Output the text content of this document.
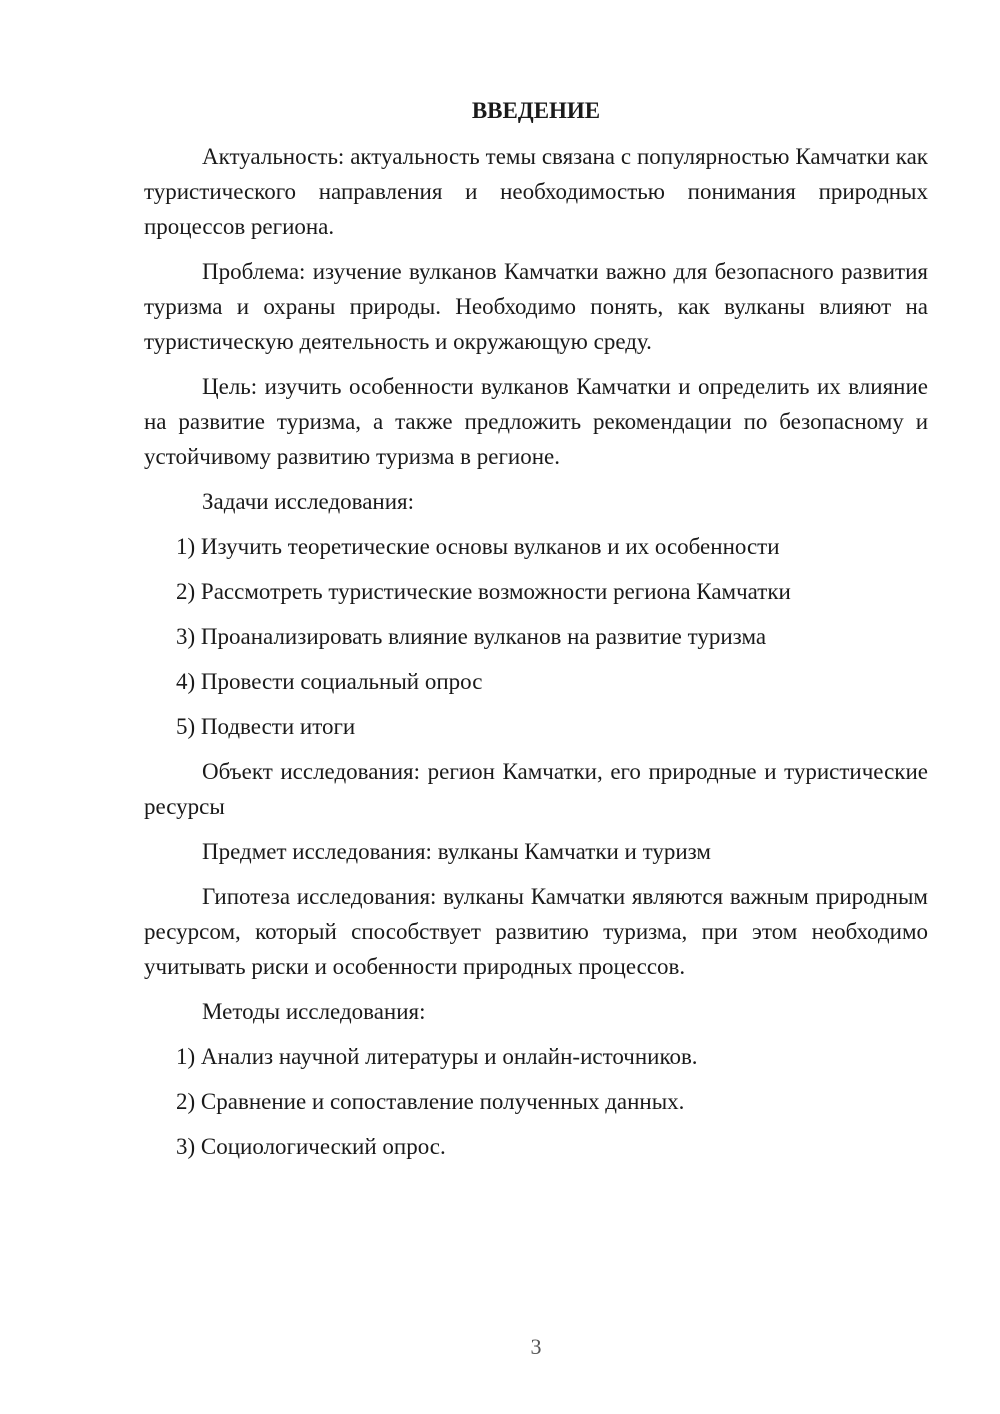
ВВЕДЕНИЕ

Актуальность: актуальность темы связана с популярностью Камчатки как туристического направления и необходимостью понимания природных процессов региона.

Проблема: изучение вулканов Камчатки важно для безопасного развития туризма и охраны природы. Необходимо понять, как вулканы влияют на туристическую деятельность и окружающую среду.

Цель: изучить особенности вулканов Камчатки и определить их влияние на развитие туризма, а также предложить рекомендации по безопасному и устойчивому развитию туризма в регионе.

Задачи исследования:

1) Изучить теоретические основы вулканов и их особенности
2) Рассмотреть туристические возможности региона Камчатки
3) Проанализировать влияние вулканов на развитие туризма
4) Провести социальный опрос
5) Подвести итоги

Объект исследования: регион Камчатки, его природные и туристические ресурсы

Предмет исследования: вулканы Камчатки и туризм

Гипотеза исследования: вулканы Камчатки являются важным природным ресурсом, который способствует развитию туризма, при этом необходимо учитывать риски и особенности природных процессов.

Методы исследования:

1) Анализ научной литературы и онлайн-источников.
2) Сравнение и сопоставление полученных данных.
3) Социологический опрос.
3
